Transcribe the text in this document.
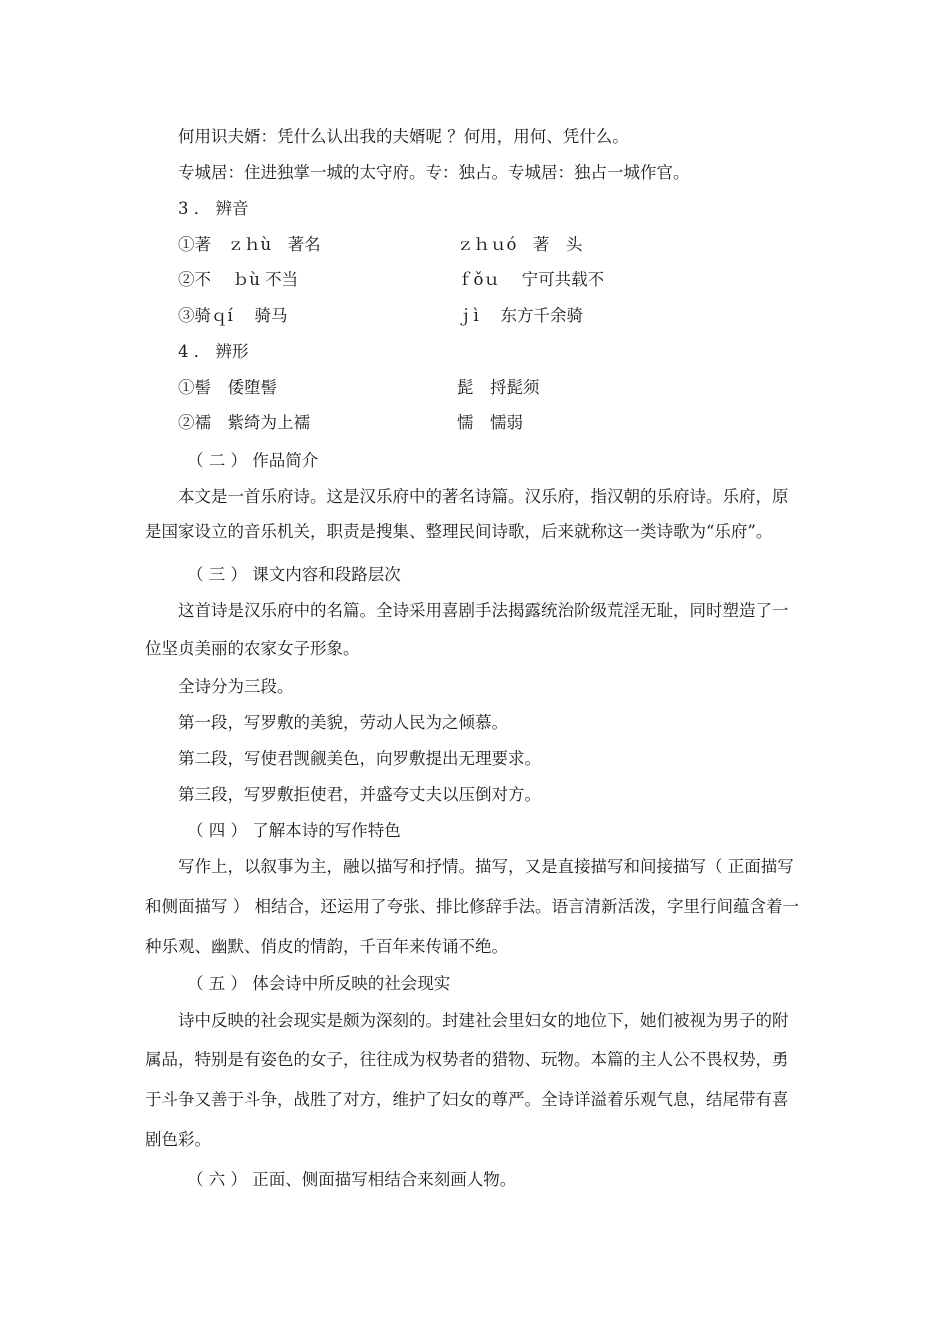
何用识夫婿：凭什么认出我的夫婿呢 ？何用，用何、凭什么。
专城居：住进独掌一城的太守府。专：独占。专城居：独占一城作官。
3 ． 辨音
①著　ｚｈù　著名	ｚｈｕó　著　头
②不　 ｂù 不当	ｆǒｕ　 宁可共载不
③骑ｑí　 骑马	ｊì　 东方千余骑
4 ． 辨形
①髻　倭堕髻	髭　捋髭须
②襦　紫绮为上襦	懦　懦弱
（ 二 ） 作品简介
本文是一首乐府诗。这是汉乐府中的著名诗篇。汉乐府，指汉朝的乐府诗。乐府，原
是国家设立的音乐机关，职责是搜集、整理民间诗歌，后来就称这一类诗歌为“乐府”。
（ 三 ） 课文内容和段路层次
这首诗是汉乐府中的名篇。全诗采用喜剧手法揭露统治阶级荒淫无耻，同时塑造了一
位坚贞美丽的农家女子形象。
全诗分为三段。
第一段，写罗敷的美貌，劳动人民为之倾慕。
第二段，写使君觊觎美色，向罗敷提出无理要求。
第三段，写罗敷拒使君，并盛夸丈夫以压倒对方。
（ 四 ） 了解本诗的写作特色
写作上，以叙事为主，融以描写和抒情。描写，又是直接描写和间接描写（ 正面描写
和侧面描写 ） 相结合，还运用了夸张、排比修辞手法。语言清新活泼，字里行间蕴含着一
种乐观、幽默、俏皮的情韵，千百年来传诵不绝。
（ 五 ） 体会诗中所反映的社会现实
诗中反映的社会现实是颇为深刻的。封建社会里妇女的地位下，她们被视为男子的附
属品，特别是有姿色的女子，往往成为权势者的猎物、玩物。本篇的主人公不畏权势，勇
于斗争又善于斗争，战胜了对方，维护了妇女的尊严。全诗详溢着乐观气息，结尾带有喜
剧色彩。
（ 六 ） 正面、侧面描写相结合来刻画人物。
